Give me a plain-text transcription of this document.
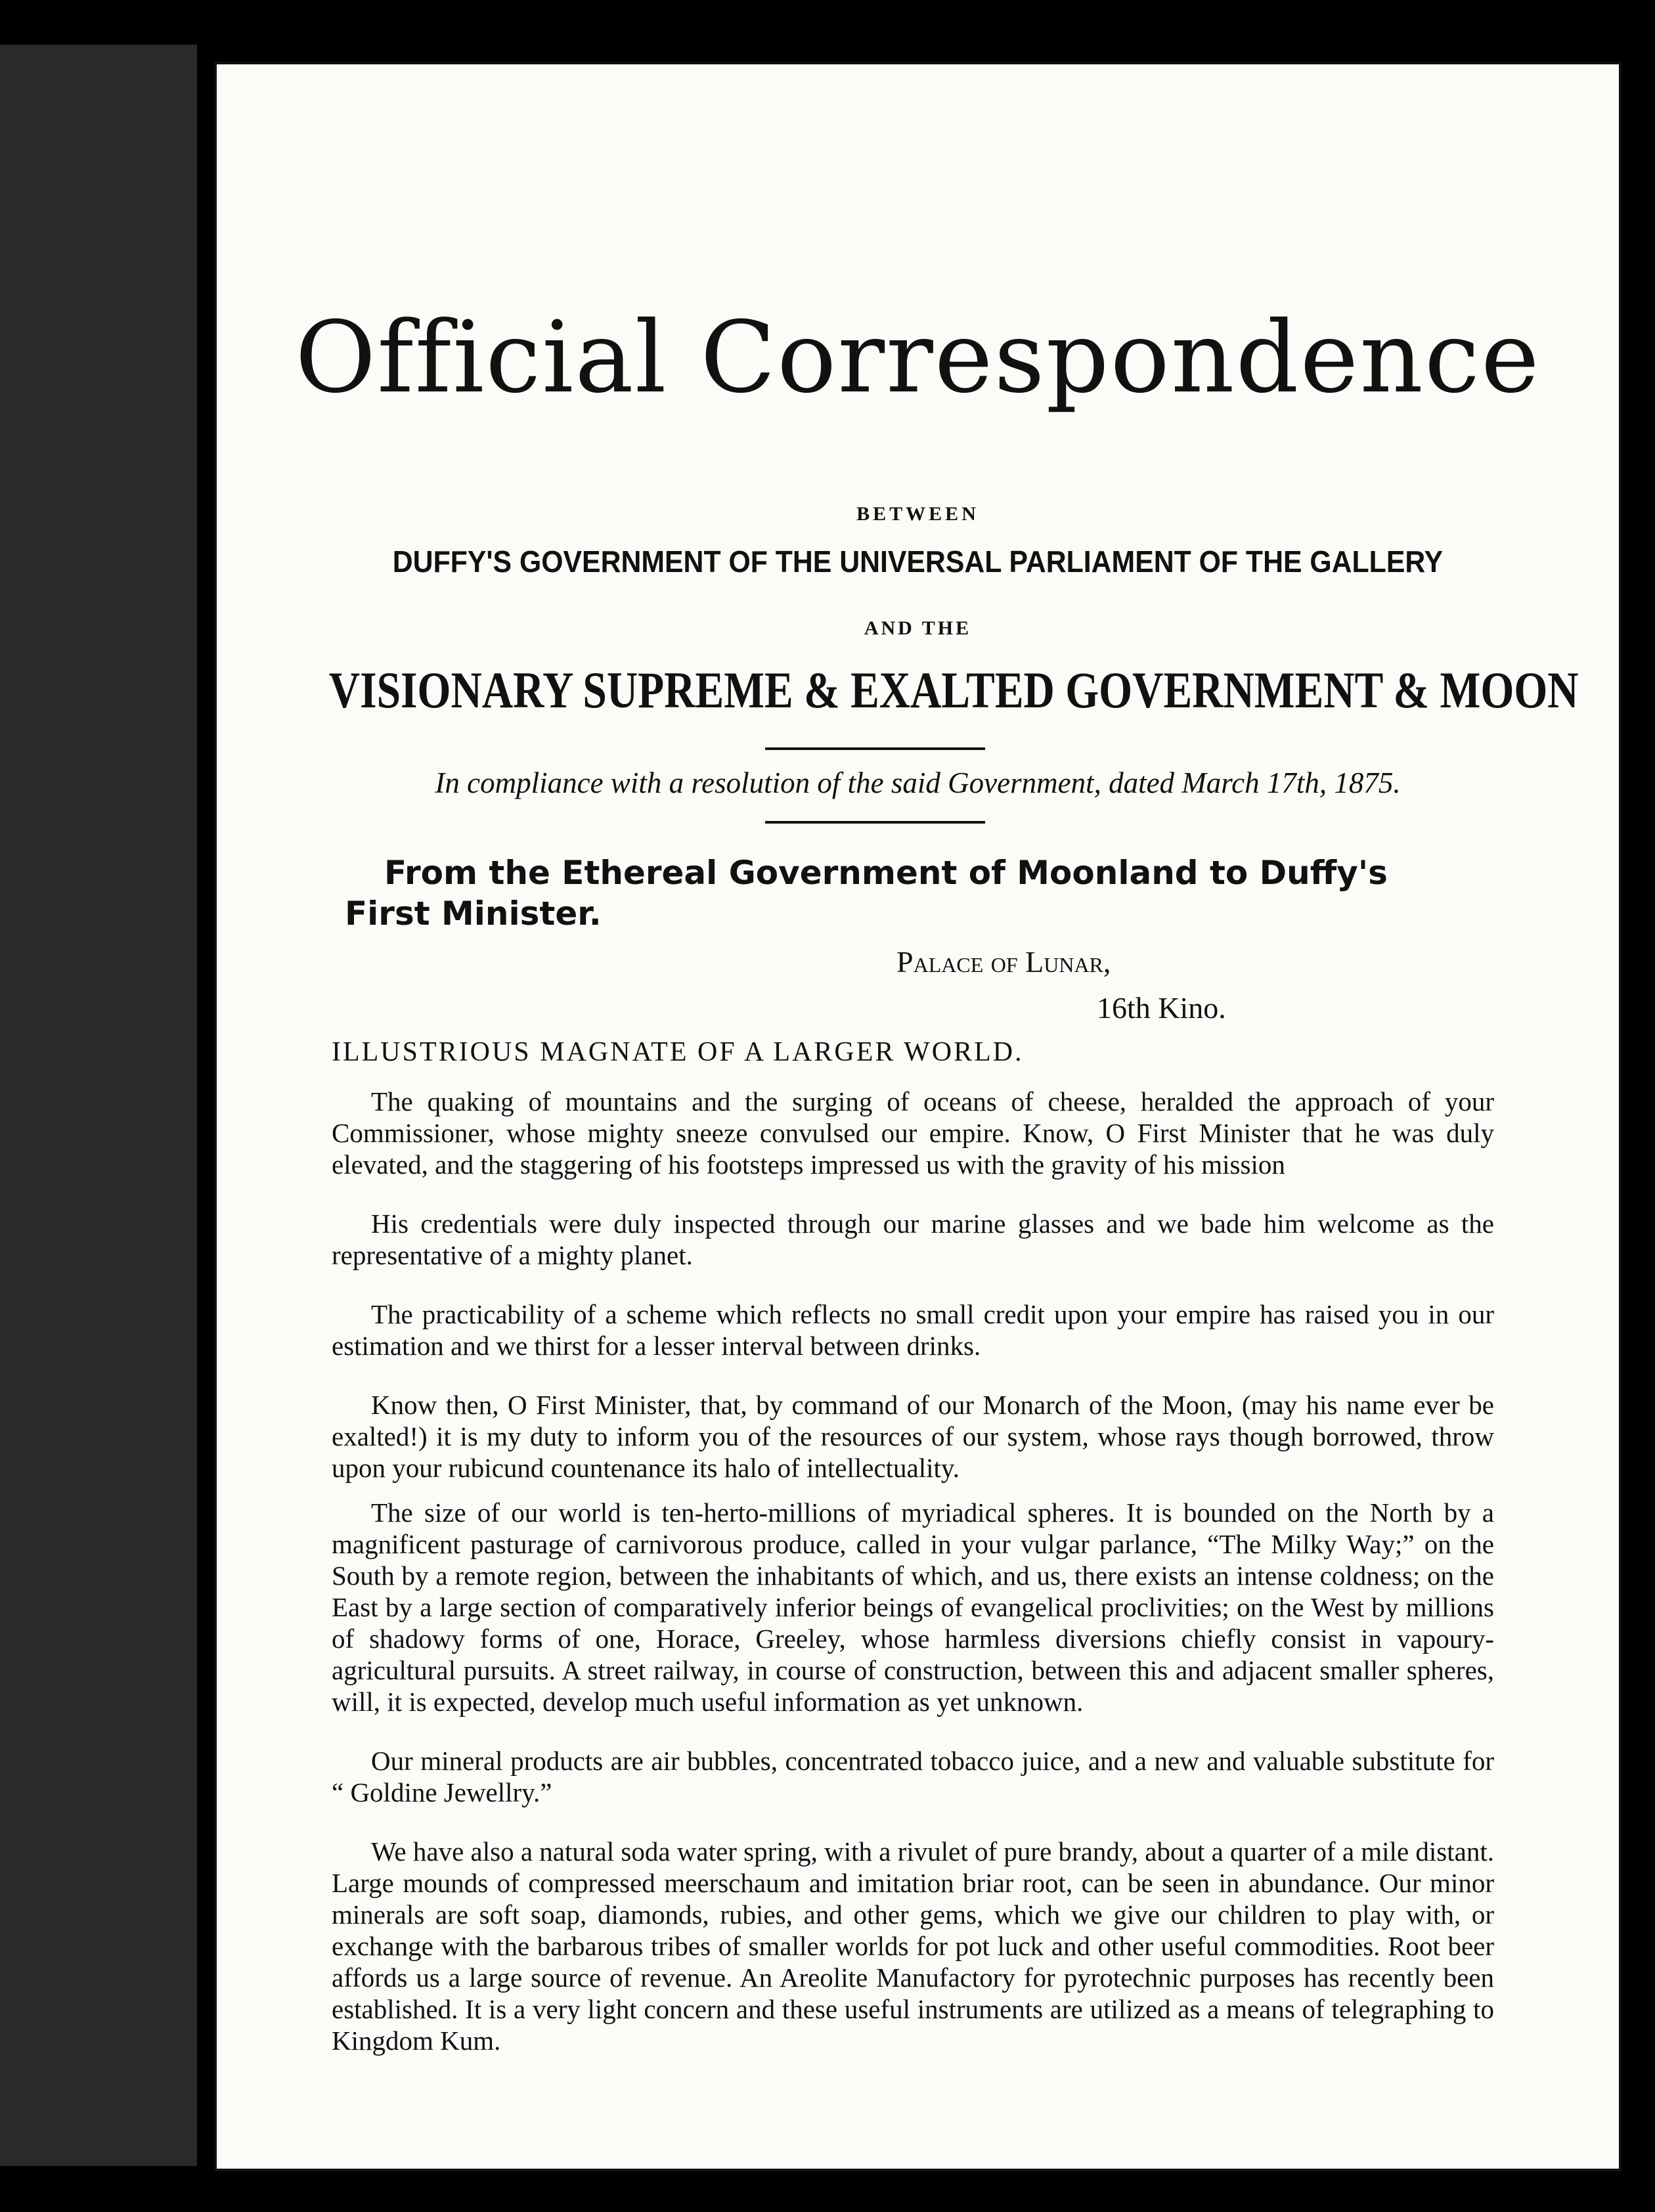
Official Correspondence
BETWEEN
DUFFY'S GOVERNMENT OF THE UNIVERSAL PARLIAMENT OF THE GALLERY
AND THE
VISIONARY SUPREME & EXALTED GOVERNMENT & MOON
In compliance with a resolution of the said Government, dated March 17th, 1875.
From the Ethereal Government of Moonland to Duffy's
First Minister.
Palace of Lunar,
16th Kino.
ILLUSTRIOUS MAGNATE OF A LARGER WORLD.

The quaking of mountains and the surging of oceans of cheese, heralded the approach of your Commissioner, whose mighty sneeze convulsed our empire. Know, O First Minister that he was duly elevated, and the staggering of his footsteps impressed us with the gravity of his mission

His credentials were duly inspected through our marine glasses and we bade him welcome as the representative of a mighty planet.

The practicability of a scheme which reflects no small credit upon your empire has raised you in our estimation and we thirst for a lesser interval between drinks.

Know then, O First Minister, that, by command of our Monarch of the Moon, (may his name ever be exalted!) it is my duty to inform you of the resources of our system, whose rays though borrowed, throw upon your rubicund countenance its halo of intellectuality.

The size of our world is ten-herto-millions of myriadical spheres. It is bounded on the North by a magnificent pasturage of carnivorous produce, called in your vulgar parlance, “The Milky Way;” on the South by a remote region, between the inhabitants of which, and us, there exists an intense coldness; on the East by a large section of comparatively inferior beings of evangelical proclivities; on the West by millions of shadowy forms of one, Horace, Greeley, whose harmless diversions chiefly consist in vapoury-agricultural pursuits. A street railway, in course of construction, between this and adjacent smaller spheres, will, it is expected, develop much useful information as yet unknown.

Our mineral products are air bubbles, concentrated tobacco juice, and a new and valuable substitute for “ Goldine Jewellry.”

We have also a natural soda water spring, with a rivulet of pure brandy, about a quarter of a mile distant. Large mounds of compressed meerschaum and imitation briar root, can be seen in abundance. Our minor minerals are soft soap, diamonds, rubies, and other gems, which we give our children to play with, or exchange with the barbarous tribes of smaller worlds for pot luck and other useful commodities. Root beer affords us a large source of revenue. An Areolite Manufactory for pyrotechnic purposes has recently been established. It is a very light concern and these useful instruments are utilized as a means of telegraphing to Kingdom Kum.
